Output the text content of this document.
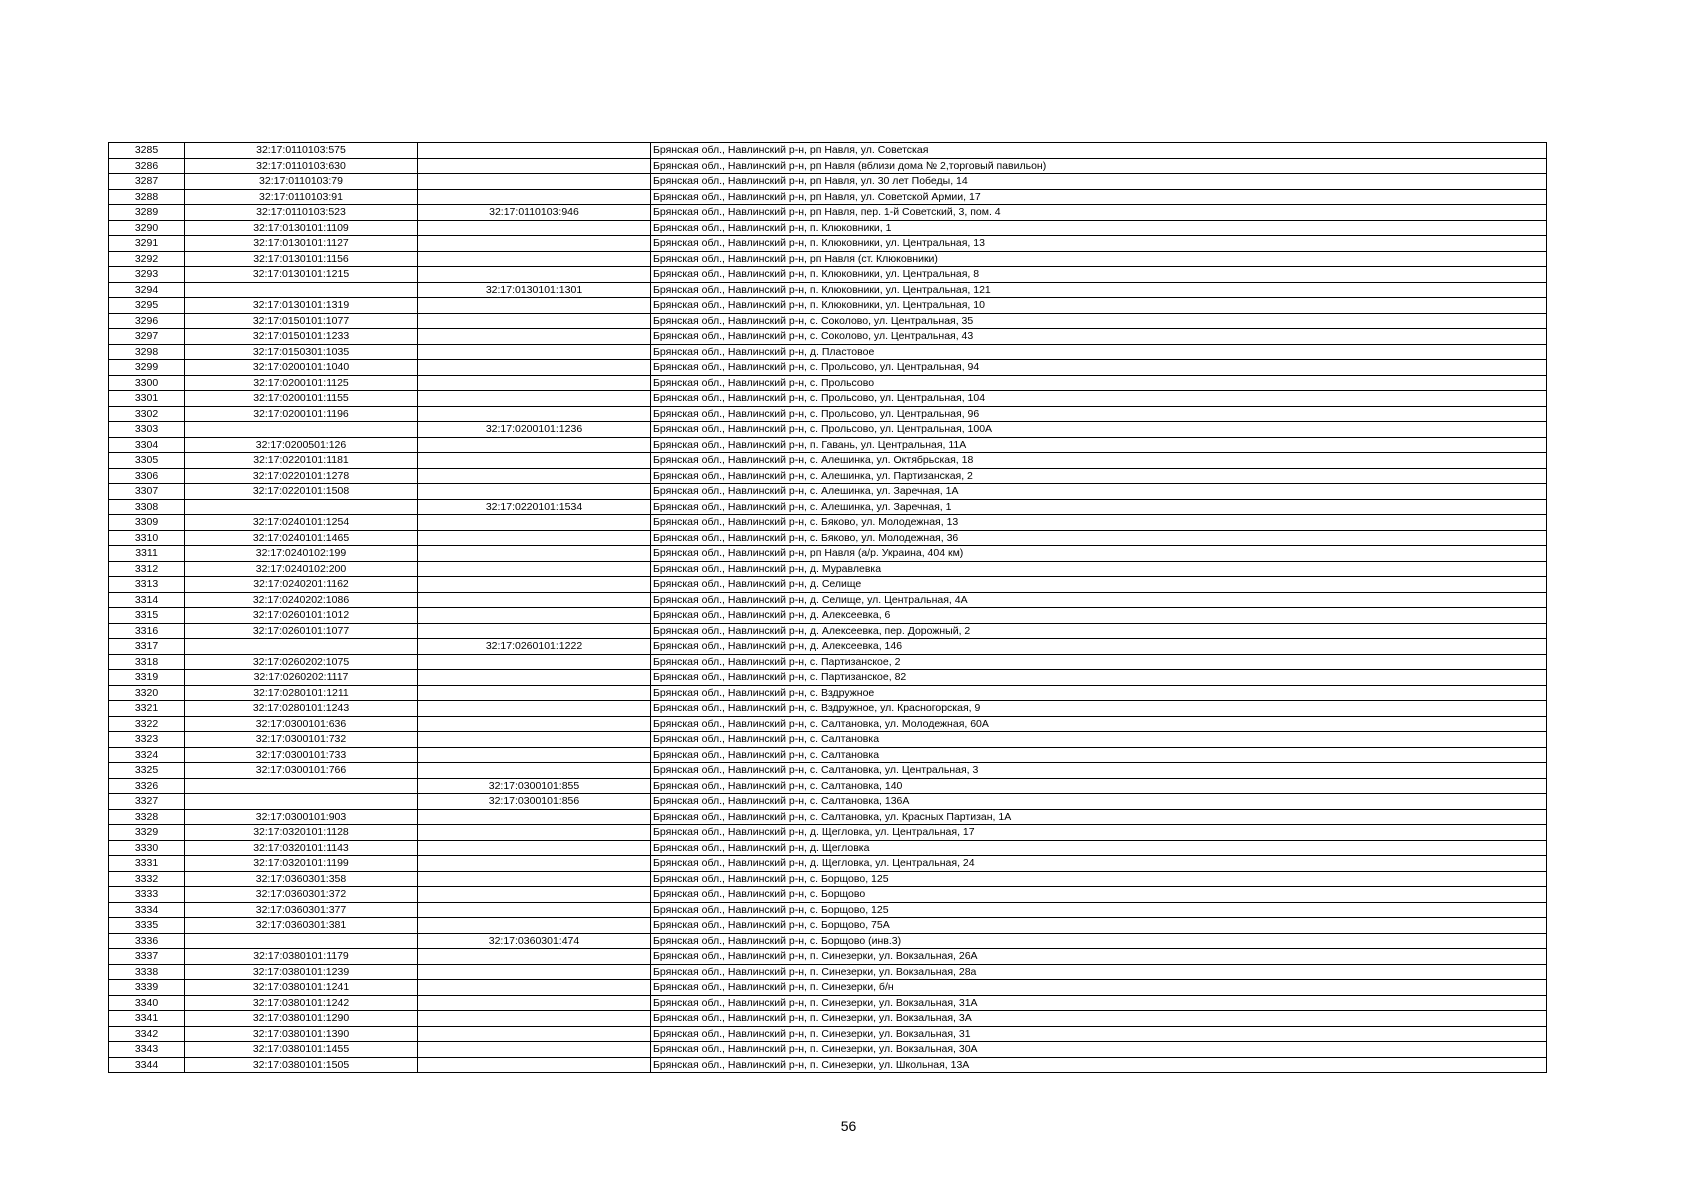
3285	32:17:0110103:575		Брянская обл., Навлинский р-н, рп Навля, ул. Советская
3286	32:17:0110103:630		Брянская обл., Навлинский р-н, рп Навля (вблизи дома № 2,торговый павильон)
3287	32:17:0110103:79		Брянская обл., Навлинский р-н, рп Навля, ул. 30 лет Победы, 14
3288	32:17:0110103:91		Брянская обл., Навлинский р-н, рп Навля, ул. Советской Армии, 17
3289	32:17:0110103:523	32:17:0110103:946	Брянская обл., Навлинский р-н, рп Навля, пер. 1-й Советский, 3, пом. 4
3290	32:17:0130101:1109		Брянская обл., Навлинский р-н, п. Клюковники, 1
3291	32:17:0130101:1127		Брянская обл., Навлинский р-н, п. Клюковники, ул. Центральная, 13
3292	32:17:0130101:1156		Брянская обл., Навлинский р-н, рп Навля (ст. Клюковники)
3293	32:17:0130101:1215		Брянская обл., Навлинский р-н, п. Клюковники, ул. Центральная, 8
3294		32:17:0130101:1301	Брянская обл., Навлинский р-н, п. Клюковники, ул. Центральная, 121
3295	32:17:0130101:1319		Брянская обл., Навлинский р-н, п. Клюковники, ул. Центральная, 10
3296	32:17:0150101:1077		Брянская обл., Навлинский р-н, с. Соколово, ул. Центральная, 35
3297	32:17:0150101:1233		Брянская обл., Навлинский р-н, с. Соколово, ул. Центральная, 43
3298	32:17:0150301:1035		Брянская обл., Навлинский р-н, д. Пластовое
3299	32:17:0200101:1040		Брянская обл., Навлинский р-н, с. Прольсово, ул. Центральная, 94
3300	32:17:0200101:1125		Брянская обл., Навлинский р-н, с. Прольсово
3301	32:17:0200101:1155		Брянская обл., Навлинский р-н, с. Прольсово, ул. Центральная, 104
3302	32:17:0200101:1196		Брянская обл., Навлинский р-н, с. Прольсово, ул. Центральная, 96
3303		32:17:0200101:1236	Брянская обл., Навлинский р-н, с. Прольсово, ул. Центральная, 100А
3304	32:17:0200501:126		Брянская обл., Навлинский р-н, п. Гавань, ул. Центральная, 11А
3305	32:17:0220101:1181		Брянская обл., Навлинский р-н, с. Алешинка, ул. Октябрьская, 18
3306	32:17:0220101:1278		Брянская обл., Навлинский р-н, с. Алешинка, ул. Партизанская, 2
3307	32:17:0220101:1508		Брянская обл., Навлинский р-н, с. Алешинка, ул. Заречная, 1А
3308		32:17:0220101:1534	Брянская обл., Навлинский р-н, с. Алешинка, ул. Заречная, 1
3309	32:17:0240101:1254		Брянская обл., Навлинский р-н, с. Бяково, ул. Молодежная, 13
3310	32:17:0240101:1465		Брянская обл., Навлинский р-н, с. Бяково, ул. Молодежная, 36
3311	32:17:0240102:199		Брянская обл., Навлинский р-н, рп Навля (а/р. Украина, 404 км)
3312	32:17:0240102:200		Брянская обл., Навлинский р-н, д. Муравлевка
3313	32:17:0240201:1162		Брянская обл., Навлинский р-н, д. Селище
3314	32:17:0240202:1086		Брянская обл., Навлинский р-н, д. Селище, ул. Центральная, 4А
3315	32:17:0260101:1012		Брянская обл., Навлинский р-н, д. Алексеевка, 6
3316	32:17:0260101:1077		Брянская обл., Навлинский р-н, д. Алексеевка, пер. Дорожный, 2
3317		32:17:0260101:1222	Брянская обл., Навлинский р-н, д. Алексеевка, 146
3318	32:17:0260202:1075		Брянская обл., Навлинский р-н, с. Партизанское, 2
3319	32:17:0260202:1117		Брянская обл., Навлинский р-н, с. Партизанское, 82
3320	32:17:0280101:1211		Брянская обл., Навлинский р-н, с. Вздружное
3321	32:17:0280101:1243		Брянская обл., Навлинский р-н, с. Вздружное, ул. Красногорская, 9
3322	32:17:0300101:636		Брянская обл., Навлинский р-н, с. Салтановка, ул. Молодежная, 60А
3323	32:17:0300101:732		Брянская обл., Навлинский р-н, с. Салтановка
3324	32:17:0300101:733		Брянская обл., Навлинский р-н, с. Салтановка
3325	32:17:0300101:766		Брянская обл., Навлинский р-н, с. Салтановка, ул. Центральная, 3
3326		32:17:0300101:855	Брянская обл., Навлинский р-н, с. Салтановка, 140
3327		32:17:0300101:856	Брянская обл., Навлинский р-н, с. Салтановка, 136А
3328	32:17:0300101:903		Брянская обл., Навлинский р-н, с. Салтановка, ул. Красных Партизан, 1А
3329	32:17:0320101:1128		Брянская обл., Навлинский р-н, д. Щегловка, ул. Центральная, 17
3330	32:17:0320101:1143		Брянская обл., Навлинский р-н, д. Щегловка
3331	32:17:0320101:1199		Брянская обл., Навлинский р-н, д. Щегловка, ул. Центральная, 24
3332	32:17:0360301:358		Брянская обл., Навлинский р-н, с. Борщово, 125
3333	32:17:0360301:372		Брянская обл., Навлинский р-н, с. Борщово
3334	32:17:0360301:377		Брянская обл., Навлинский р-н, с. Борщово, 125
3335	32:17:0360301:381		Брянская обл., Навлинский р-н, с. Борщово, 75А
3336		32:17:0360301:474	Брянская обл., Навлинский р-н, с. Борщово (инв.3)
3337	32:17:0380101:1179		Брянская обл., Навлинский р-н, п. Синезерки, ул. Вокзальная, 26А
3338	32:17:0380101:1239		Брянская обл., Навлинский р-н, п. Синезерки, ул. Вокзальная, 28а
3339	32:17:0380101:1241		Брянская обл., Навлинский р-н, п. Синезерки, б/н
3340	32:17:0380101:1242		Брянская обл., Навлинский р-н, п. Синезерки, ул. Вокзальная, 31А
3341	32:17:0380101:1290		Брянская обл., Навлинский р-н, п. Синезерки, ул. Вокзальная, 3А
3342	32:17:0380101:1390		Брянская обл., Навлинский р-н, п. Синезерки, ул. Вокзальная, 31
3343	32:17:0380101:1455		Брянская обл., Навлинский р-н, п. Синезерки, ул. Вокзальная, 30А
3344	32:17:0380101:1505		Брянская обл., Навлинский р-н, п. Синезерки, ул. Школьная, 13А
56
